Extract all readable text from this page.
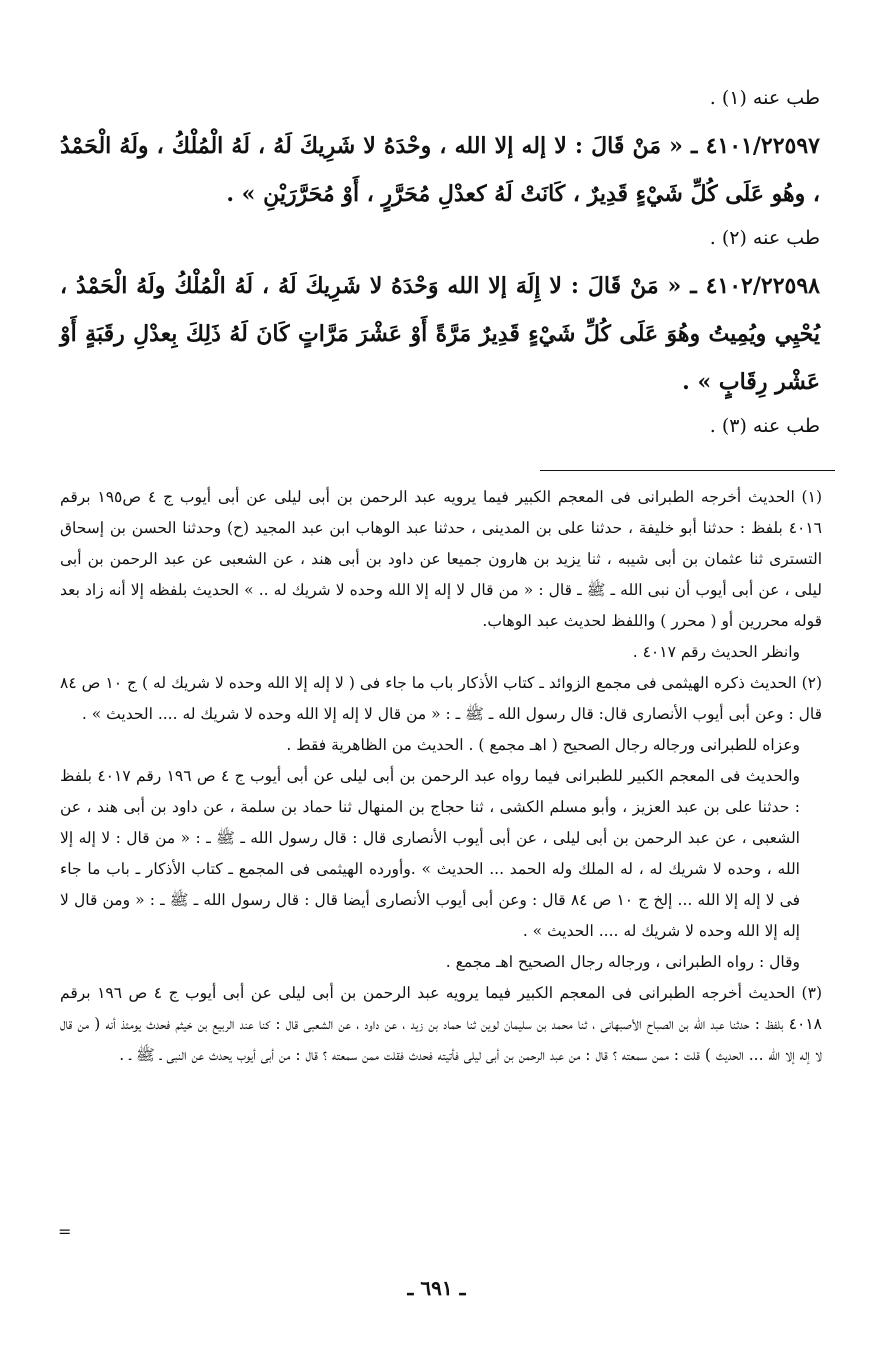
طب عنه (١) .

٤١٠١/٢٢٥٩٧ ـ « مَنْ قَالَ : لا إله إلا الله ، وحْدَهُ لا شَرِيكَ لَهُ ، لَهُ الْمُلْكُ ، ولَهُ الْحَمْدُ ، وهُو عَلَى كُلِّ شَيْءٍ قَدِيرٌ ، كَانَتْ لَهُ كعدْلِ مُحَرَّرٍ ، أَوْ مُحَرَّرَيْنِ » .

طب عنه (٢) .

٤١٠٢/٢٢٥٩٨ ـ « مَنْ قَالَ : لا إِلَهَ إلا الله وَحْدَهُ لا شَرِيكَ لَهُ ، لَهُ الْمُلْكُ ولَهُ الْحَمْدُ ، يُحْيِي ويُمِيتُ وهُوَ عَلَى كُلِّ شَيْءٍ قَدِيرٌ مَرَّةً أَوْ عَشْرَ مَرَّاتٍ كَانَ لَهُ ذَلِكَ بِعدْلِ رقَبَةٍ أَوْ عَشْر رِقَابٍ » .

طب عنه (٣) .

(١) الحديث أخرجه الطبرانى فى المعجم الكبير فيما يرويه عبد الرحمن بن أبى ليلى عن أبى أيوب ج ٤ ص١٩٥ برقم ٤٠١٦ بلفظ : حدثنا أبو خليفة ، حدثنا على بن المدينى ، حدثنا عبد الوهاب ابن عبد المجيد (ح) وحدثنا الحسن بن إسحاق التسترى ثنا عثمان بن أبى شيبه ، ثنا يزيد بن هارون جميعا عن داود بن أبى هند ، عن الشعبى عن عبد الرحمن بن أبى ليلى ، عن أبى أيوب أن نبى الله ـ ﷺ ـ قال : « من قال لا إله إلا الله وحده لا شريك له .. » الحديث بلفظه إلا أنه زاد بعد قوله محررين أو ( محرر ) واللفظ لحديث عبد الوهاب.

وانظر الحديث رقم ٤٠١٧ .

(٢) الحديث ذكره الهيثمى فى مجمع الزوائد ـ كتاب الأذكار باب ما جاء فى ( لا إله إلا الله وحده لا شريك له ) ج ١٠ ص ٨٤ قال : وعن أبى أيوب الأنصارى قال: قال رسول الله ـ ﷺ ـ : « من قال لا إله إلا الله وحده لا شريك له .... الحديث » .

وعزاه للطبرانى ورجاله رجال الصحيح ( اهـ مجمع ) . الحديث من الظاهرية فقط .

والحديث فى المعجم الكبير للطبرانى فيما رواه عبد الرحمن بن أبى ليلى عن أبى أيوب ج ٤ ص ١٩٦ رقم ٤٠١٧ بلفظ : حدثنا على بن عبد العزيز ، وأبو مسلم الكشى ، ثنا حجاج بن المنهال ثنا حماد بن سلمة ، عن داود بن أبى هند ، عن الشعبى ، عن عبد الرحمن بن أبى ليلى ، عن أبى أيوب الأنصارى قال : قال رسول الله ـ ﷺ ـ : « من قال : لا إله إلا الله ، وحده لا شريك له ، له الملك وله الحمد ... الحديث » .وأورده الهيثمى فى المجمع ـ كتاب الأذكار ـ باب ما جاء فى لا إله إلا الله ... إلخ ج ١٠ ص ٨٤ قال : وعن أبى أيوب الأنصارى أيضا قال : قال رسول الله ـ ﷺ ـ : « ومن قال لا إله إلا الله وحده لا شريك له .... الحديث » .

وقال : رواه الطبرانى ، ورجاله رجال الصحيح اهـ مجمع .

(٣) الحديث أخرجه الطبرانى فى المعجم الكبير فيما يرويه عبد الرحمن بن أبى ليلى عن أبى أيوب ج ٤ ص ١٩٦ برقم ٤٠١٨ بلفظ : حدثنا عبد الله بن الصباح الأصبهانى ، ثنا محمد بن سليمان لوين ثنا حماد بن زيد ، عن داود ، عن الشعبى قال : كنا عند الربيع بن خيثم فحدث يومئذ أنه ( من قال لا إله إلا الله ... الحديث ) قلت : ممن سمعته ؟ قال : من عبد الرحمن بن أبى ليلى فأتيته فحدث فقلت ممن سمعته ؟ قال : من أبى أيوب يحدث عن النبى ـ ﷺ ـ .

=
ـ ٦٩١ ـ
